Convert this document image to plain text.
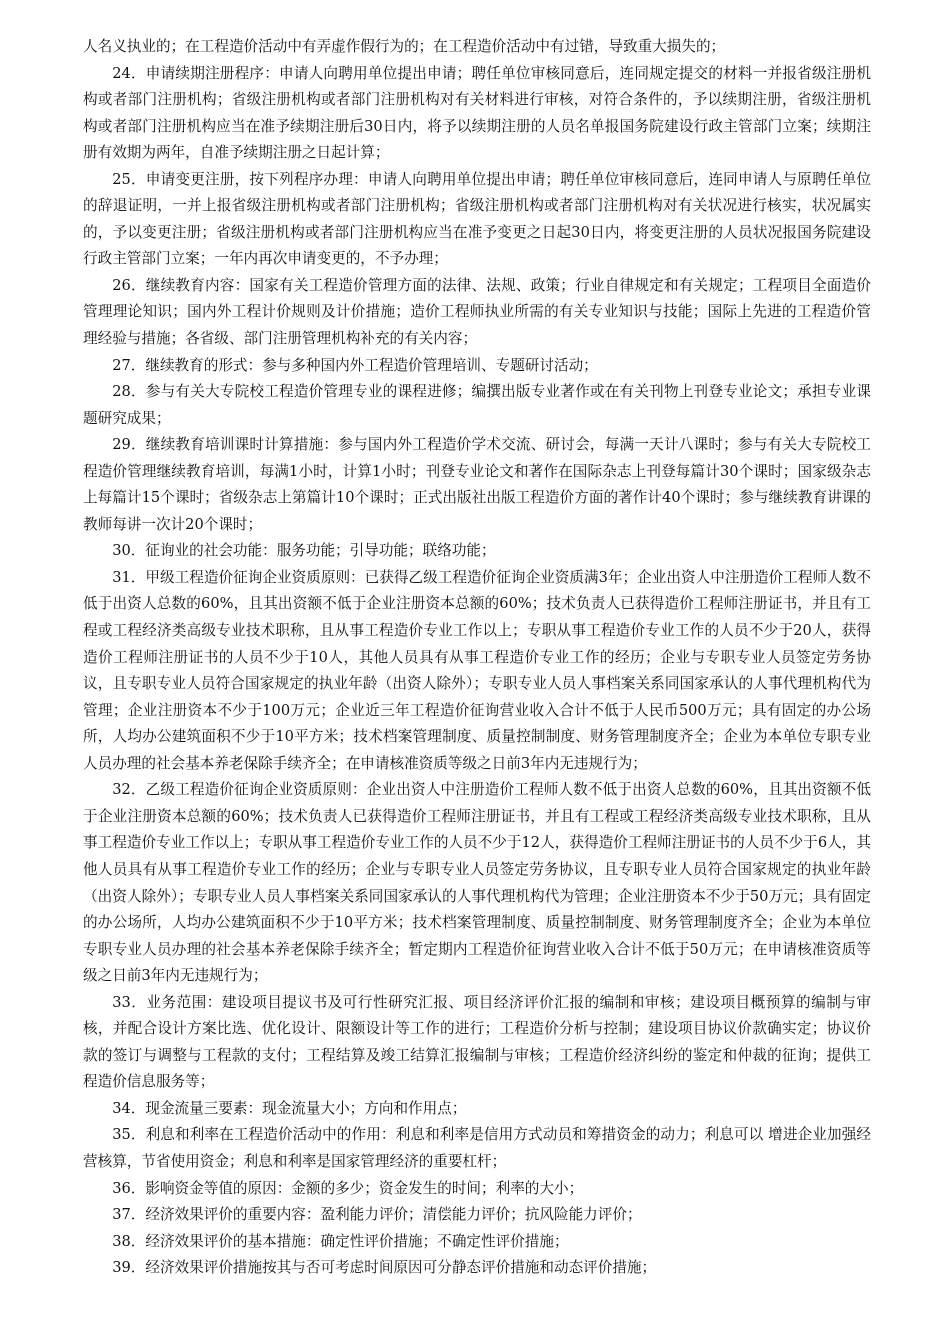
人名义执业的；在工程造价活动中有弄虚作假行为的；在工程造价活动中有过错，导致重大损失的；

24．申请续期注册程序：申请人向聘用单位提出申请；聘任单位审核同意后，连同规定提交的材料一并报省级注册机构或者部门注册机构；省级注册机构或者部门注册机构对有关材料进行审核，对符合条件的，予以续期注册，省级注册机构或者部门注册机构应当在准予续期注册后30日内，将予以续期注册的人员名单报国务院建设行政主管部门立案；续期注册有效期为两年，自准予续期注册之日起计算；

25．申请变更注册，按下列程序办理：申请人向聘用单位提出申请；聘任单位审核同意后，连同申请人与原聘任单位的辞退证明，一并上报省级注册机构或者部门注册机构；省级注册机构或者部门注册机构对有关状况进行核实，状况属实的，予以变更注册；省级注册机构或者部门注册机构应当在准予变更之日起30日内，将变更注册的人员状况报国务院建设行政主管部门立案；一年内再次申请变更的，不予办理；

26．继续教育内容：国家有关工程造价管理方面的法律、法规、政策；行业自律规定和有关规定；工程项目全面造价管理理论知识；国内外工程计价规则及计价措施；造价工程师执业所需的有关专业知识与技能；国际上先进的工程造价管理经验与措施；各省级、部门注册管理机构补充的有关内容；

27．继续教育的形式：参与多种国内外工程造价管理培训、专题研讨活动；

28．参与有关大专院校工程造价管理专业的课程进修；编撰出版专业著作或在有关刊物上刊登专业论文；承担专业课题研究成果；

29．继续教育培训课时计算措施：参与国内外工程造价学术交流、研讨会，每满一天计八课时；参与有关大专院校工程造价管理继续教育培训，每满1小时，计算1小时；刊登专业论文和著作在国际杂志上刊登每篇计30个课时；国家级杂志上每篇计15个课时；省级杂志上第篇计10个课时；正式出版社出版工程造价方面的著作计40个课时；参与继续教育讲课的教师每讲一次计20个课时；

30．征询业的社会功能：服务功能；引导功能；联络功能；

31．甲级工程造价征询企业资质原则：已获得乙级工程造价征询企业资质满3年；企业出资人中注册造价工程师人数不低于出资人总数的60%，且其出资额不低于企业注册资本总额的60%；技术负责人已获得造价工程师注册证书，并且有工程或工程经济类高级专业技术职称，且从事工程造价专业工作以上；专职从事工程造价专业工作的人员不少于20人，获得造价工程师注册证书的人员不少于10人，其他人员具有从事工程造价专业工作的经历；企业与专职专业人员签定劳务协议，且专职专业人员符合国家规定的执业年龄（出资人除外）；专职专业人员人事档案关系同国家承认的人事代理机构代为管理；企业注册资本不少于100万元；企业近三年工程造价征询营业收入合计不低于人民币500万元；具有固定的办公场所，人均办公建筑面积不少于10平方米；技术档案管理制度、质量控制制度、财务管理制度齐全；企业为本单位专职专业人员办理的社会基本养老保除手续齐全；在申请核准资质等级之日前3年内无违规行为；

32．乙级工程造价征询企业资质原则：企业出资人中注册造价工程师人数不低于出资人总数的60%，且其出资额不低于企业注册资本总额的60%；技术负责人已获得造价工程师注册证书，并且有工程或工程经济类高级专业技术职称，且从事工程造价专业工作以上；专职从事工程造价专业工作的人员不少于12人，获得造价工程师注册证书的人员不少于6人，其他人员具有从事工程造价专业工作的经历；企业与专职专业人员签定劳务协议，且专职专业人员符合国家规定的执业年龄（出资人除外）；专职专业人员人事档案关系同国家承认的人事代理机构代为管理；企业注册资本不少于50万元；具有固定的办公场所，人均办公建筑面积不少于10平方米；技术档案管理制度、质量控制制度、财务管理制度齐全；企业为本单位专职专业人员办理的社会基本养老保除手续齐全；暂定期内工程造价征询营业收入合计不低于50万元；在申请核准资质等级之日前3年内无违规行为；

33．业务范围：建设项目提议书及可行性研究汇报、项目经济评价汇报的编制和审核；建设项目概预算的编制与审核，并配合设计方案比选、优化设计、限额设计等工作的进行；工程造价分析与控制；建设项目协议价款确实定；协议价款的签订与调整与工程款的支付；工程结算及竣工结算汇报编制与审核；工程造价经济纠纷的鉴定和仲裁的征询；提供工程造价信息服务等；

34．现金流量三要素：现金流量大小；方向和作用点；

35．利息和利率在工程造价活动中的作用：利息和利率是信用方式动员和筹措资金的动力；利息可以 增进企业加强经营核算，节省使用资金；利息和利率是国家管理经济的重要杠杆；

36．影响资金等值的原因：金额的多少；资金发生的时间；利率的大小；

37．经济效果评价的重要内容：盈利能力评价；清偿能力评价；抗风险能力评价；

38．经济效果评价的基本措施：确定性评价措施；不确定性评价措施；

39．经济效果评价措施按其与否可考虑时间原因可分静态评价措施和动态评价措施；
